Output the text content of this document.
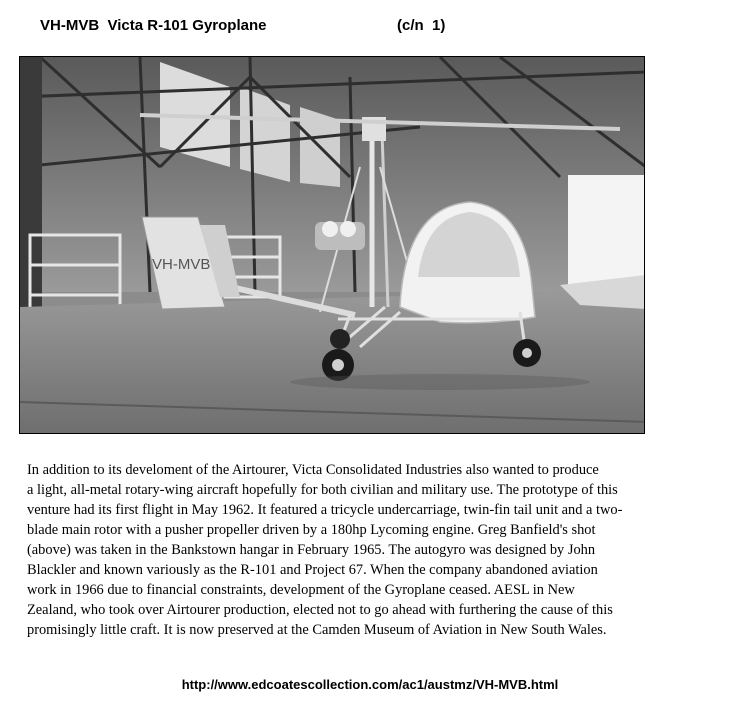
VH-MVB  Victa R-101 Gyroplane	(c/n  1)
VH-MVB
In addition to its develoment of the Airtourer, Victa Consolidated Industries also wanted to produce
a light, all-metal rotary-wing aircraft hopefully for both civilian and military use. The prototype of this
venture had its first flight in May 1962. It featured a tricycle undercarriage, twin-fin tail unit and a two-
blade main rotor with a pusher propeller driven by a 180hp Lycoming engine. Greg Banfield's shot
(above) was taken in the Bankstown hangar in February 1965. The autogyro was designed by John
Blackler and known variously as the R-101 and Project 67. When the company abandoned aviation
work in 1966 due to financial constraints, development of the Gyroplane ceased. AESL in New
Zealand, who took over Airtourer production, elected not to go ahead with furthering the cause of this
promisingly little craft. It is now preserved at the Camden Museum of Aviation in New South Wales.
http://www.edcoatescollection.com/ac1/austmz/VH-MVB.html
